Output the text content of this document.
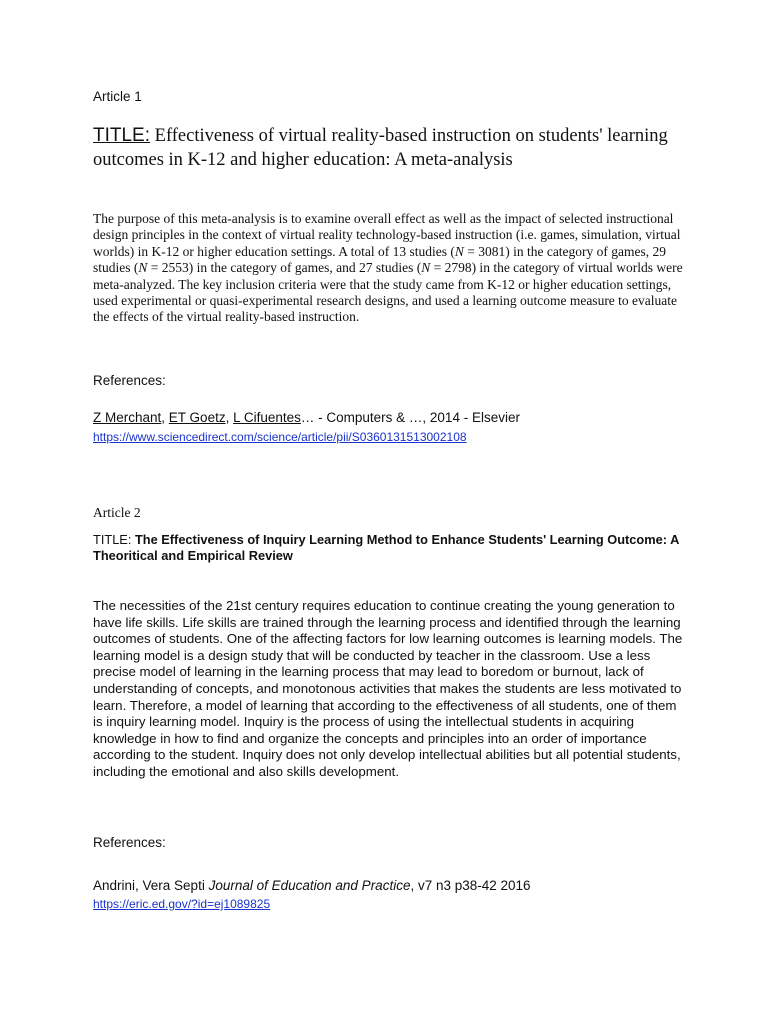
Article 1
TITLE: Effectiveness of virtual reality-based instruction on students' learning outcomes in K-12 and higher education: A meta-analysis
The purpose of this meta-analysis is to examine overall effect as well as the impact of selected instructional design principles in the context of virtual reality technology-based instruction (i.e. games, simulation, virtual worlds) in K-12 or higher education settings. A total of 13 studies (N = 3081) in the category of games, 29 studies (N = 2553) in the category of games, and 27 studies (N = 2798) in the category of virtual worlds were meta-analyzed. The key inclusion criteria were that the study came from K-12 or higher education settings, used experimental or quasi-experimental research designs, and used a learning outcome measure to evaluate the effects of the virtual reality-based instruction.
References:
Z Merchant, ET Goetz, L Cifuentes… - Computers & …, 2014 - Elsevier
https://www.sciencedirect.com/science/article/pii/S0360131513002108
Article 2
TITLE: The Effectiveness of Inquiry Learning Method to Enhance Students' Learning Outcome: A Theoritical and Empirical Review
The necessities of the 21st century requires education to continue creating the young generation to have life skills. Life skills are trained through the learning process and identified through the learning outcomes of students. One of the affecting factors for low learning outcomes is learning models. The learning model is a design study that will be conducted by teacher in the classroom. Use a less precise model of learning in the learning process that may lead to boredom or burnout, lack of understanding of concepts, and monotonous activities that makes the students are less motivated to learn. Therefore, a model of learning that according to the effectiveness of all students, one of them is inquiry learning model. Inquiry is the process of using the intellectual students in acquiring knowledge in how to find and organize the concepts and principles into an order of importance according to the student. Inquiry does not only develop intellectual abilities but all potential students, including the emotional and also skills development.
References:
Andrini, Vera Septi Journal of Education and Practice, v7 n3 p38-42 2016
https://eric.ed.gov/?id=ej1089825
